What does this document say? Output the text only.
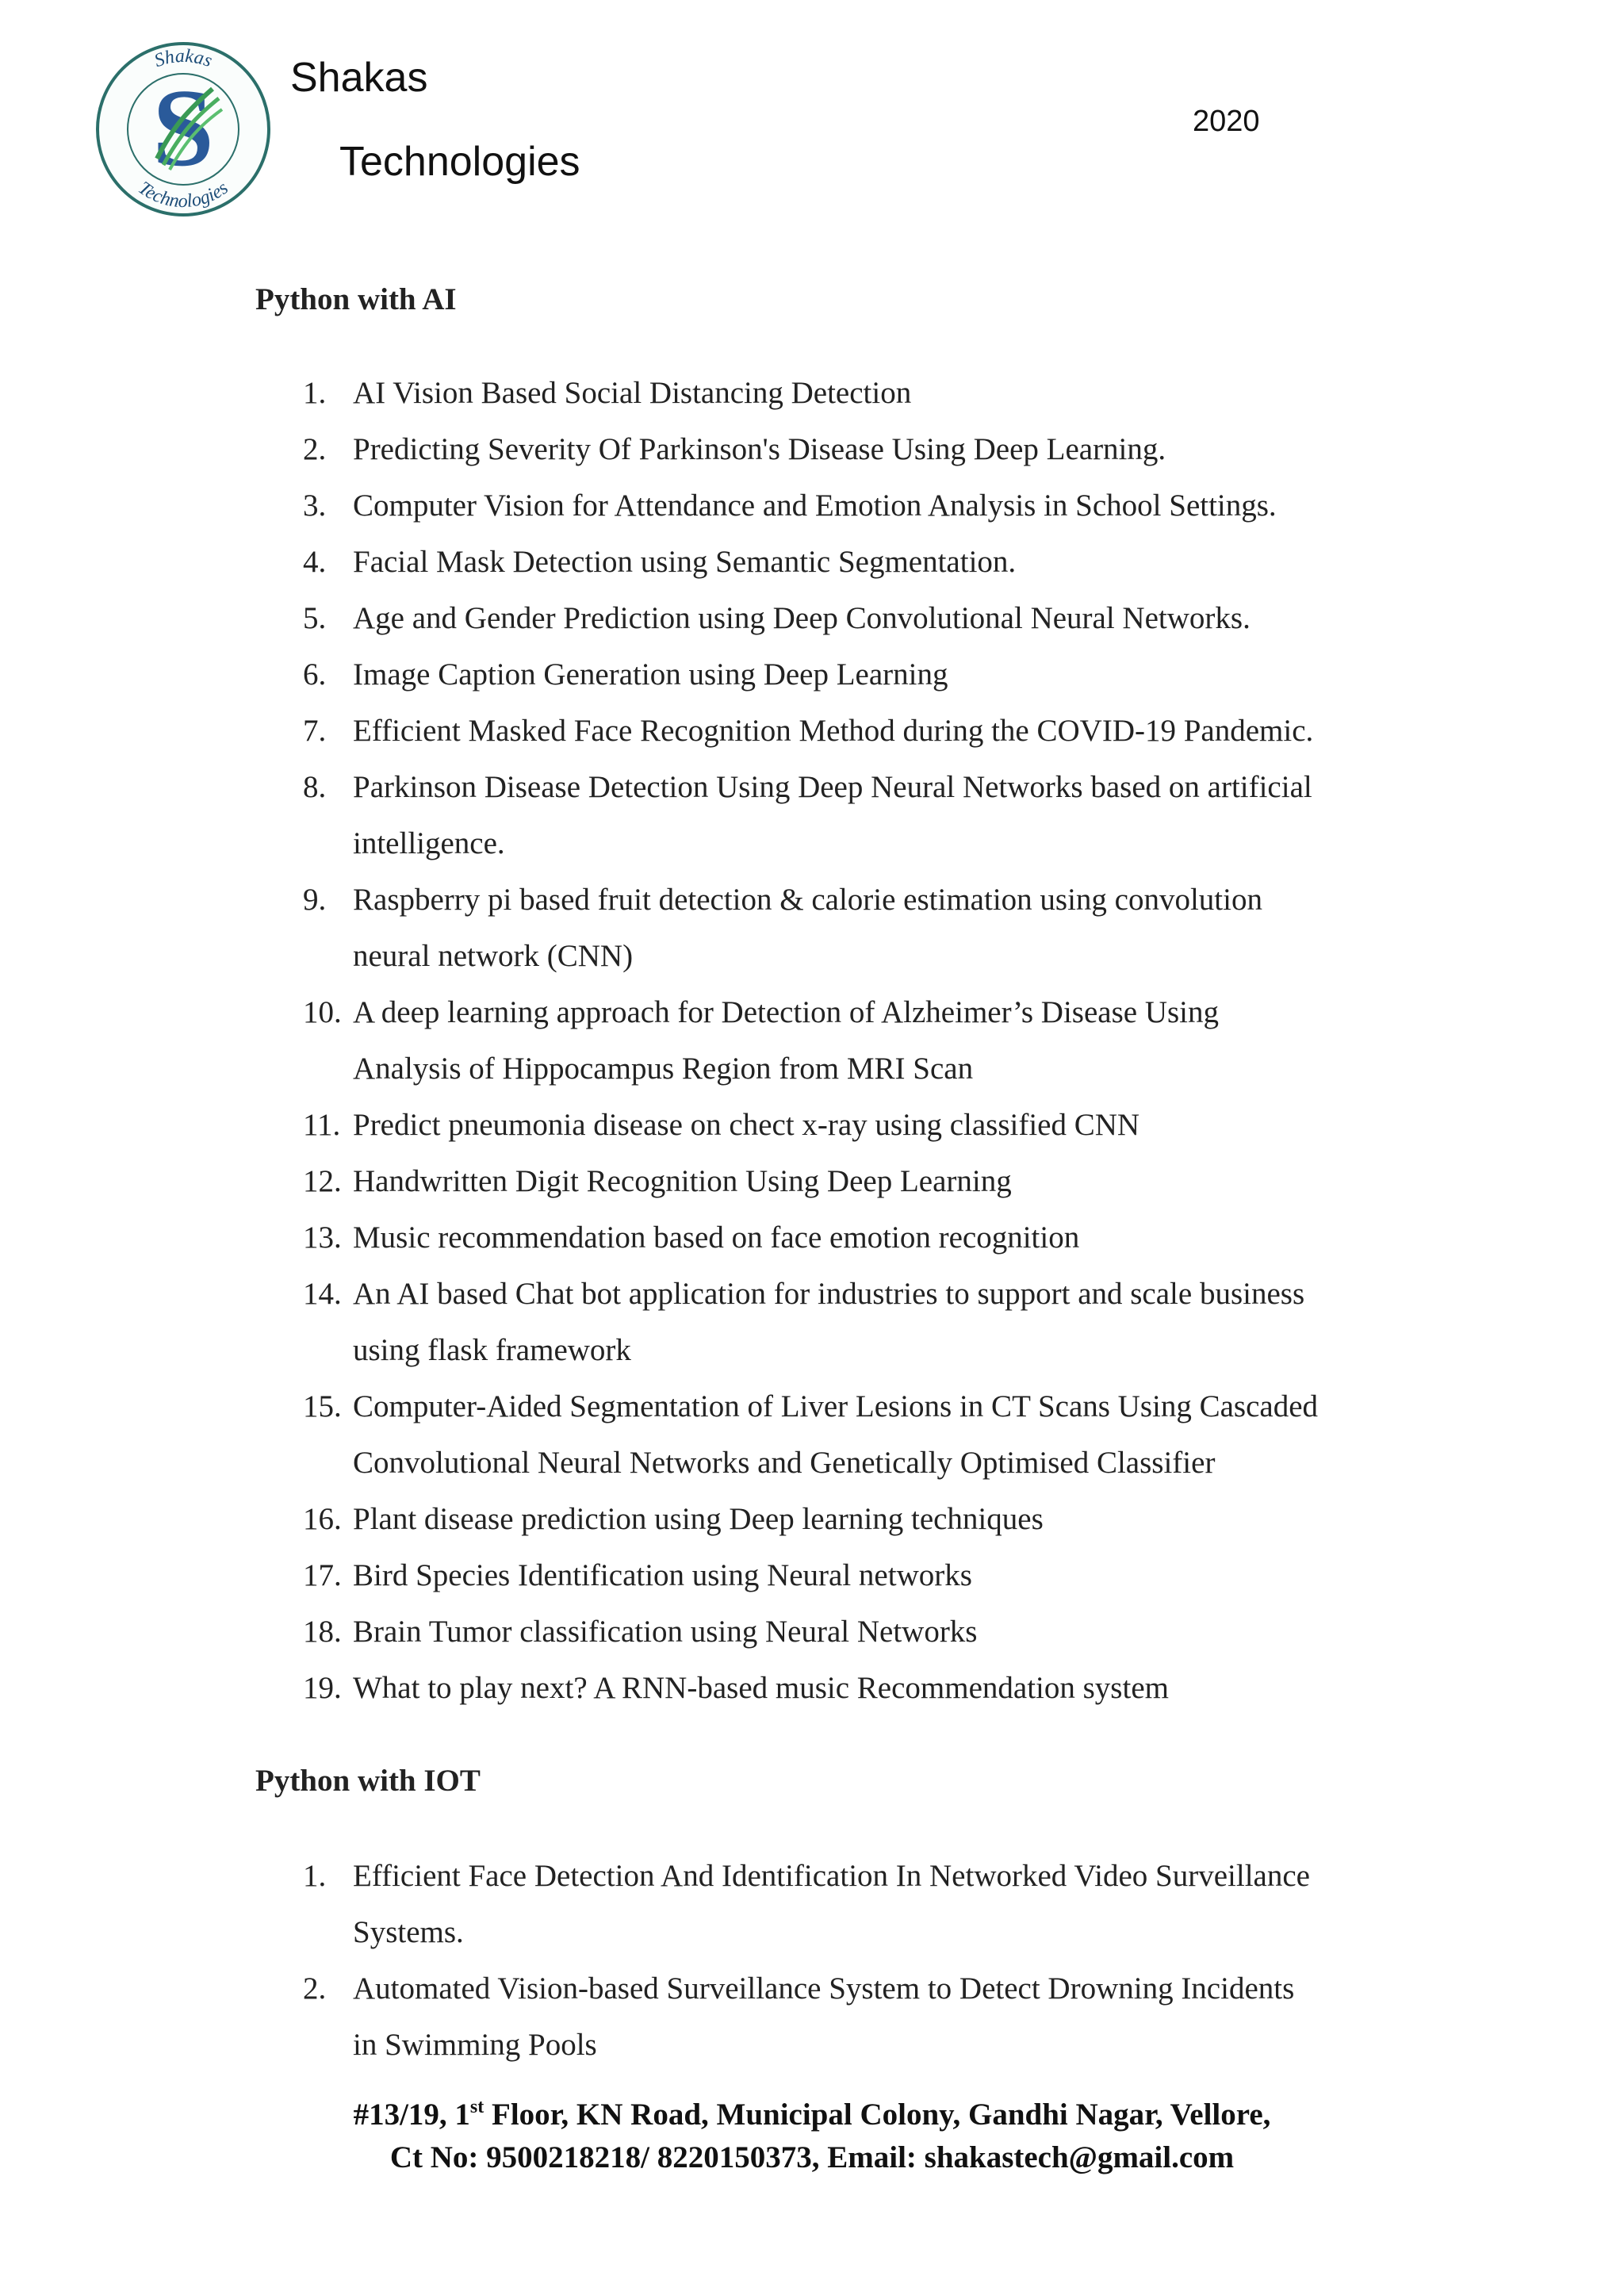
Shakas
Technologies
S Shakas
Technologies
2020
Python with AI
1. AI Vision Based Social Distancing Detection
2. Predicting Severity Of Parkinson's Disease Using Deep Learning.
3. Computer Vision for Attendance and Emotion Analysis in School Settings.
4. Facial Mask Detection using Semantic Segmentation.
5. Age and Gender Prediction using Deep Convolutional Neural Networks.
6. Image Caption Generation using Deep Learning
7. Efficient Masked Face Recognition Method during the COVID-19 Pandemic.
8. Parkinson Disease Detection Using Deep Neural Networks based on artificial
intelligence.
9. Raspberry pi based fruit detection & calorie estimation using convolution
neural network (CNN)
10. A deep learning approach for Detection of Alzheimer’s Disease Using
Analysis of Hippocampus Region from MRI Scan
11. Predict pneumonia disease on chect x-ray using classified CNN
12. Handwritten Digit Recognition Using Deep Learning
13. Music recommendation based on face emotion recognition
14. An AI based Chat bot application for industries to support and scale business
using flask framework
15. Computer-Aided Segmentation of Liver Lesions in CT Scans Using Cascaded
Convolutional Neural Networks and Genetically Optimised Classifier
16. Plant disease prediction using Deep learning techniques
17. Bird Species Identification using Neural networks
18. Brain Tumor classification using Neural Networks
19. What to play next? A RNN-based music Recommendation system
Python with IOT
1. Efficient Face Detection And Identification In Networked Video Surveillance
Systems.
2. Automated Vision-based Surveillance System to Detect Drowning Incidents
in Swimming Pools
#13/19, 1st Floor, KN Road, Municipal Colony, Gandhi Nagar, Vellore,
Ct No: 9500218218/ 8220150373, Email: shakastech@gmail.com
